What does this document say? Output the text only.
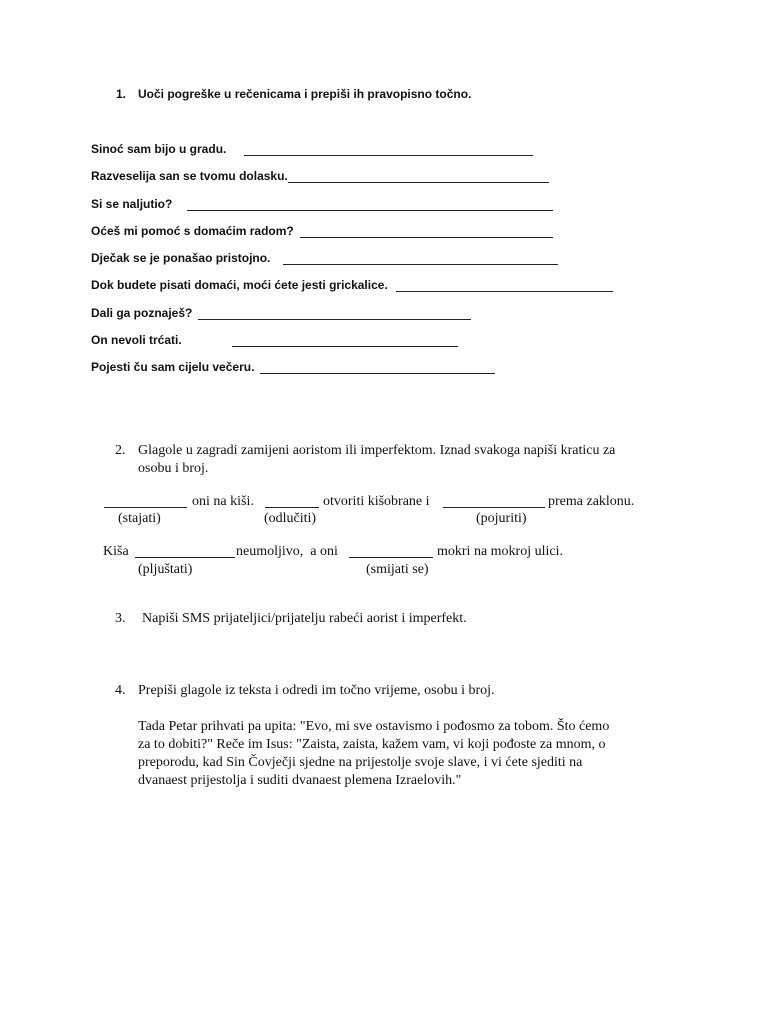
1. Uoči pogreške u rečenicama i prepiši ih pravopisno točno.
Sinoć sam bijo u gradu.
Razveselija san se tvomu dolasku.
Si se naljutio?
Oćeš mi pomoć s domaćim radom?
Dječak se je ponašao pristojno.
Dok budete pisati domaći, moći ćete jesti grickalice.
Dali ga poznaješ?
On nevoli trćati.
Pojesti ču sam cijelu večeru.
2. Glagole u zagradi zamijeni aoristom ili imperfektom. Iznad svakoga napiši kraticu za
osobu i broj.
oni na kiši.	otvoriti kišobrane i	prema zaklonu.
(stajati)	(odlučiti)	(pojuriti)
Kiša	neumoljivo,  a oni	mokri na mokroj ulici.
(pljuštati)	(smijati se)
3. Napiši SMS prijateljici/prijatelju rabeći aorist i imperfekt.
4. Prepiši glagole iz teksta i odredi im točno vrijeme, osobu i broj.
Tada Petar prihvati pa upita: "Evo, mi sve ostavismo i pođosmo za tobom. Što ćemo
za to dobiti?" Reče im Isus: "Zaista, zaista, kažem vam, vi koji pođoste za mnom, o
preporodu, kad Sin Čovječji sjedne na prijestolje svoje slave, i vi ćete sjediti na
dvanaest prijestolja i suditi dvanaest plemena Izraelovih."
